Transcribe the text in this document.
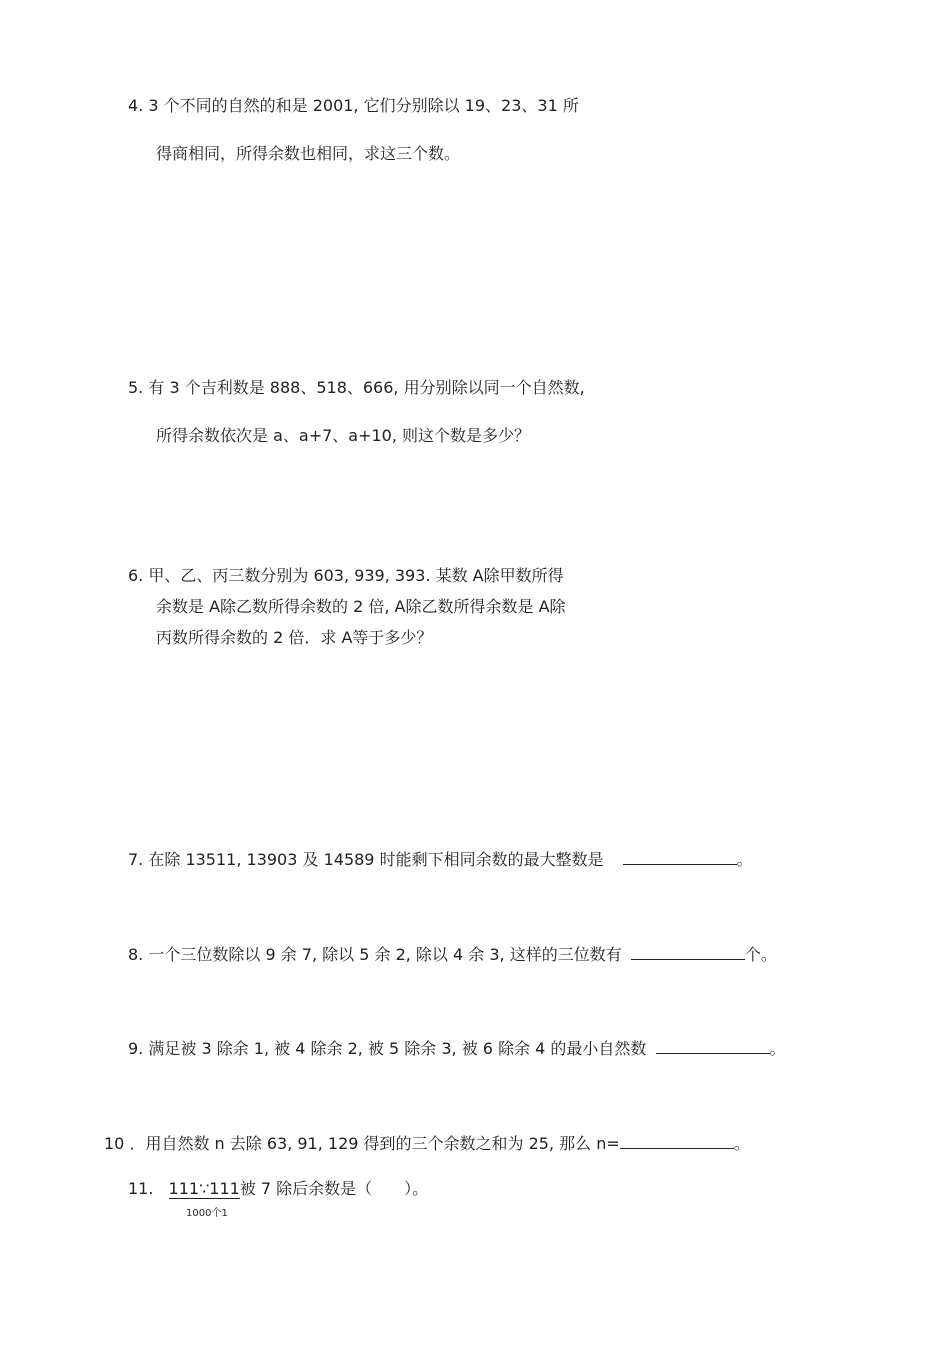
4. 3 个不同的自然的和是 2001, 它们分别除以 19、23、31 所
得商相同，所得余数也相同，求这三个数。
5. 有 3 个吉利数是 888、518、666, 用分别除以同一个自然数,
所得余数依次是 a、a+7、a+10, 则这个数是多少？
6. 甲、乙、丙三数分别为 603, 939, 393. 某数 A除甲数所得
余数是 A除乙数所得余数的 2 倍, A除乙数所得余数是 A除
丙数所得余数的 2 倍．求 A等于多少？
7. 在除 13511, 13903 及 14589 时能剩下相同余数的最大整数是	。
8. 一个三位数除以 9 余 7, 除以 5 余 2, 除以 4 余 3, 这样的三位数有	个。
9. 满足被 3 除余 1, 被 4 除余 2, 被 5 除余 3, 被 6 除余 4 的最小自然数	。
10 ．用自然数 n 去除 63, 91, 129 得到的三个余数之和为 25, 那么 n=	。
11. 111∵111被 7 除后余数是（　　）。
1000个1
